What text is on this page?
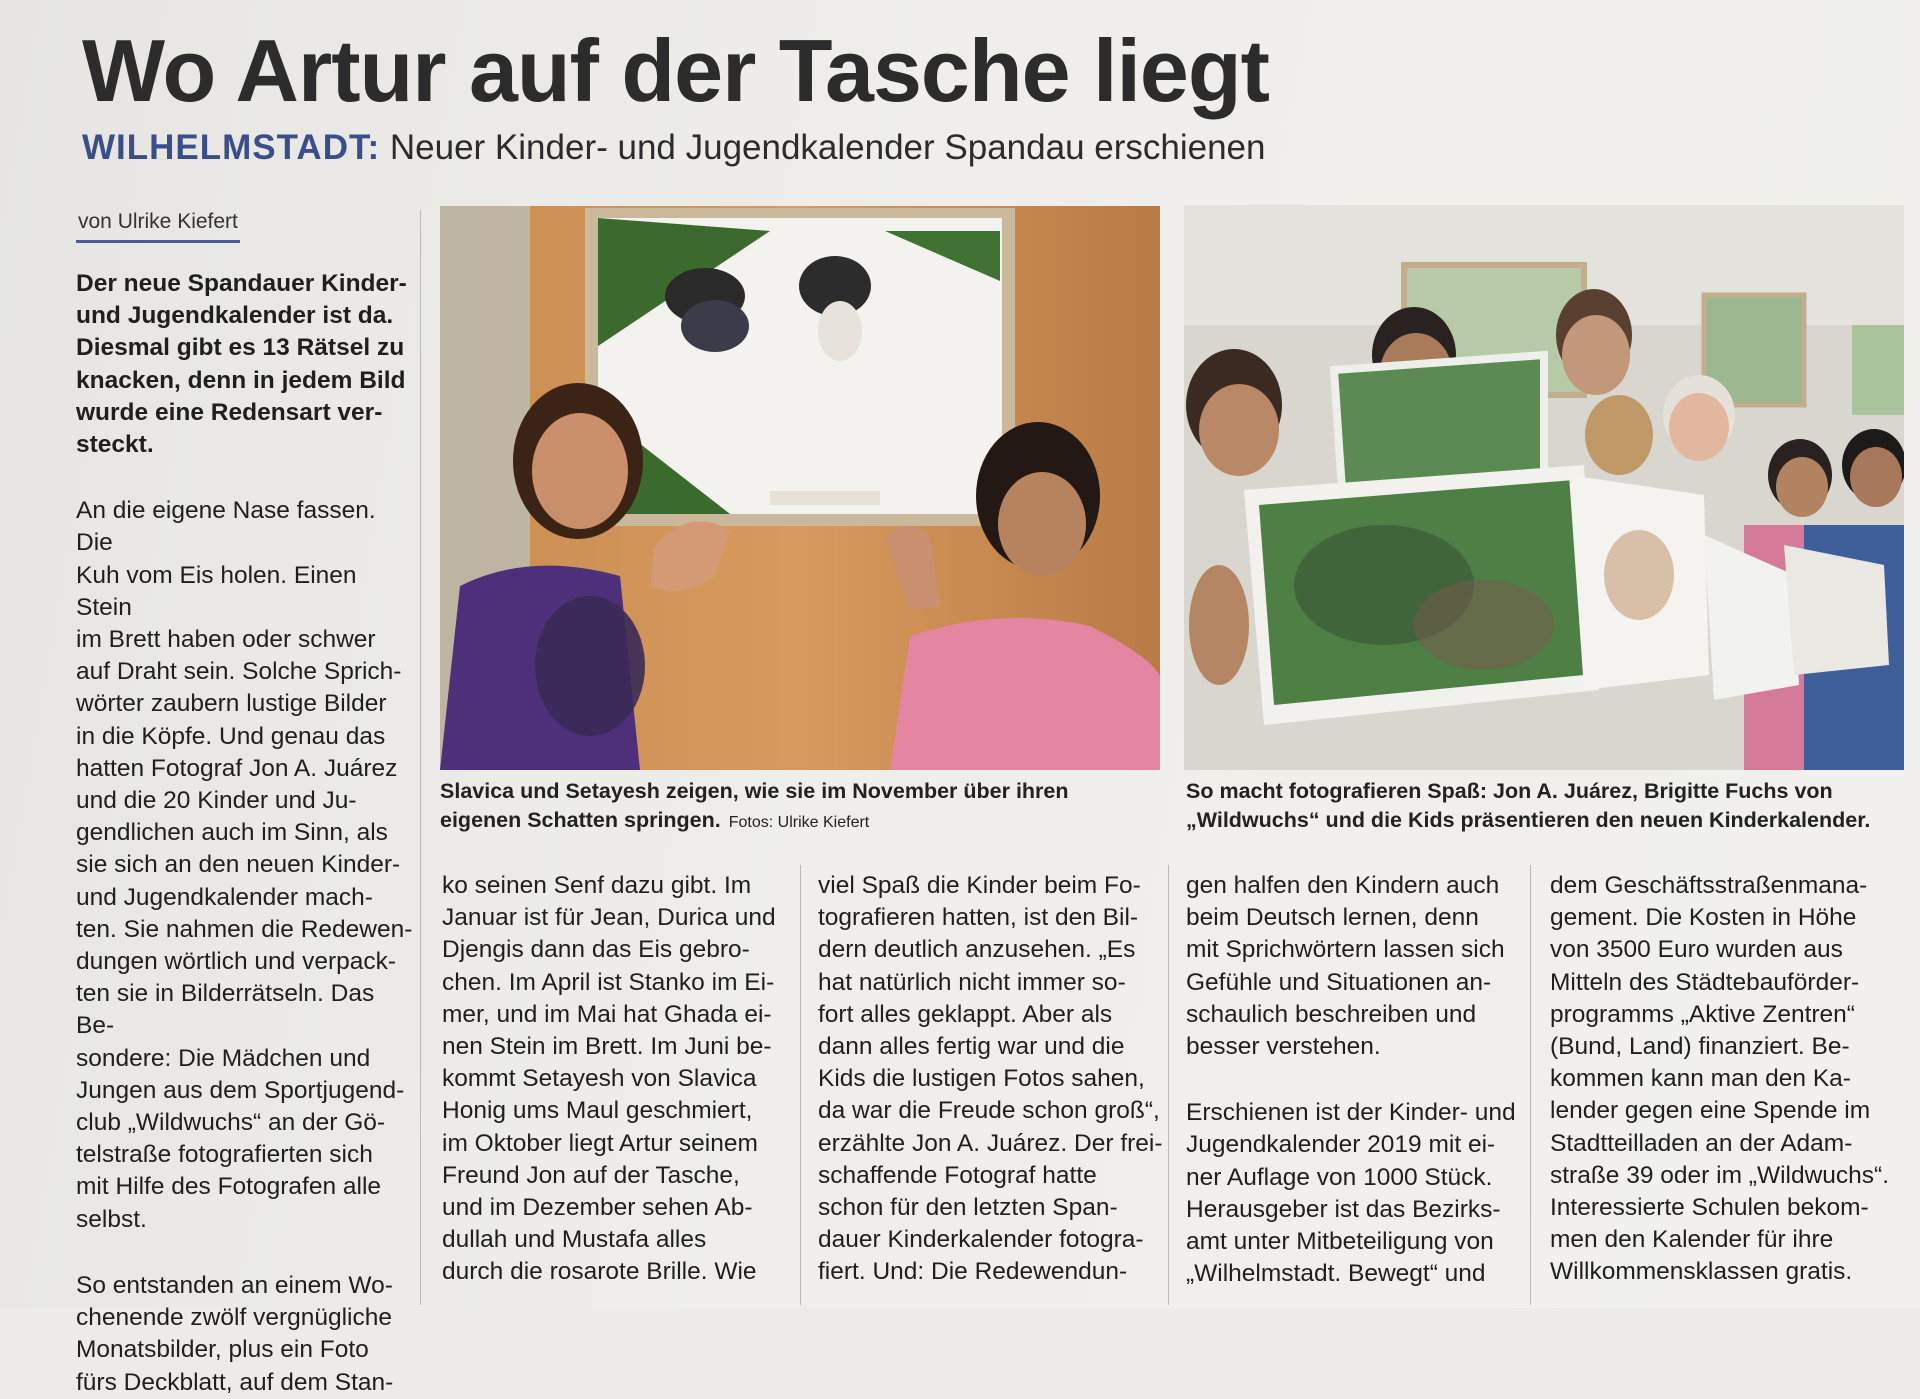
Wo Artur auf der Tasche liegt
WILHELMSTADT: Neuer Kinder- und Jugendkalender Spandau erschienen
von Ulrike Kiefert
Slavica und Setayesh zeigen, wie sie im November über ihren
eigenen Schatten springen. Fotos: Ulrike Kiefert
So macht fotografieren Spaß: Jon A. Juárez, Brigitte Fuchs von
„Wildwuchs“ und die Kids präsentieren den neuen Kinderkalender.

Der neue Spandauer Kinder-

und Jugendkalender ist da.

Diesmal gibt es 13 Rätsel zu

knacken, denn in jedem Bild

wurde eine Redensart ver-

steckt.

An die eigene Nase fassen. Die

Kuh vom Eis holen. Einen Stein

im Brett haben oder schwer

auf Draht sein. Solche Sprich-

wörter zaubern lustige Bilder

in die Köpfe. Und genau das

hatten Fotograf Jon A. Juárez

und die 20 Kinder und Ju-

gendlichen auch im Sinn, als

sie sich an den neuen Kinder-

und Jugendkalender mach-

ten. Sie nahmen die Redewen-

dungen wörtlich und verpack-

ten sie in Bilderrätseln. Das Be-

sondere: Die Mädchen und

Jungen aus dem Sportjugend-

club „Wildwuchs“ an der Gö-

telstraße fotografierten sich

mit Hilfe des Fotografen alle

selbst.

So entstanden an einem Wo-

chenende zwölf vergnügliche

Monatsbilder, plus ein Foto

fürs Deckblatt, auf dem Stan-

ko seinen Senf dazu gibt. Im

Januar ist für Jean, Durica und

Djengis dann das Eis gebro-

chen. Im April ist Stanko im Ei-

mer, und im Mai hat Ghada ei-

nen Stein im Brett. Im Juni be-

kommt Setayesh von Slavica

Honig ums Maul geschmiert,

im Oktober liegt Artur seinem

Freund Jon auf der Tasche,

und im Dezember sehen Ab-

dullah und Mustafa alles

durch die rosarote Brille. Wie

viel Spaß die Kinder beim Fo-

tografieren hatten, ist den Bil-

dern deutlich anzusehen. „Es

hat natürlich nicht immer so-

fort alles geklappt. Aber als

dann alles fertig war und die

Kids die lustigen Fotos sahen,

da war die Freude schon groß“,

erzählte Jon A. Juárez. Der frei-

schaffende Fotograf hatte

schon für den letzten Span-

dauer Kinderkalender fotogra-

fiert. Und: Die Redewendun-

gen halfen den Kindern auch

beim Deutsch lernen, denn

mit Sprichwörtern lassen sich

Gefühle und Situationen an-

schaulich beschreiben und

besser verstehen.

Erschienen ist der Kinder- und

Jugendkalender 2019 mit ei-

ner Auflage von 1000 Stück.

Herausgeber ist das Bezirks-

amt unter Mitbeteiligung von

„Wilhelmstadt. Bewegt“ und

dem Geschäftsstraßenmana-

gement. Die Kosten in Höhe

von 3500 Euro wurden aus

Mitteln des Städtebauförder-

programms „Aktive Zentren“

(Bund, Land) finanziert. Be-

kommen kann man den Ka-

lender gegen eine Spende im

Stadtteilladen an der Adam-

straße 39 oder im „Wildwuchs“.

Interessierte Schulen bekom-

men den Kalender für ihre

Willkommensklassen gratis.
